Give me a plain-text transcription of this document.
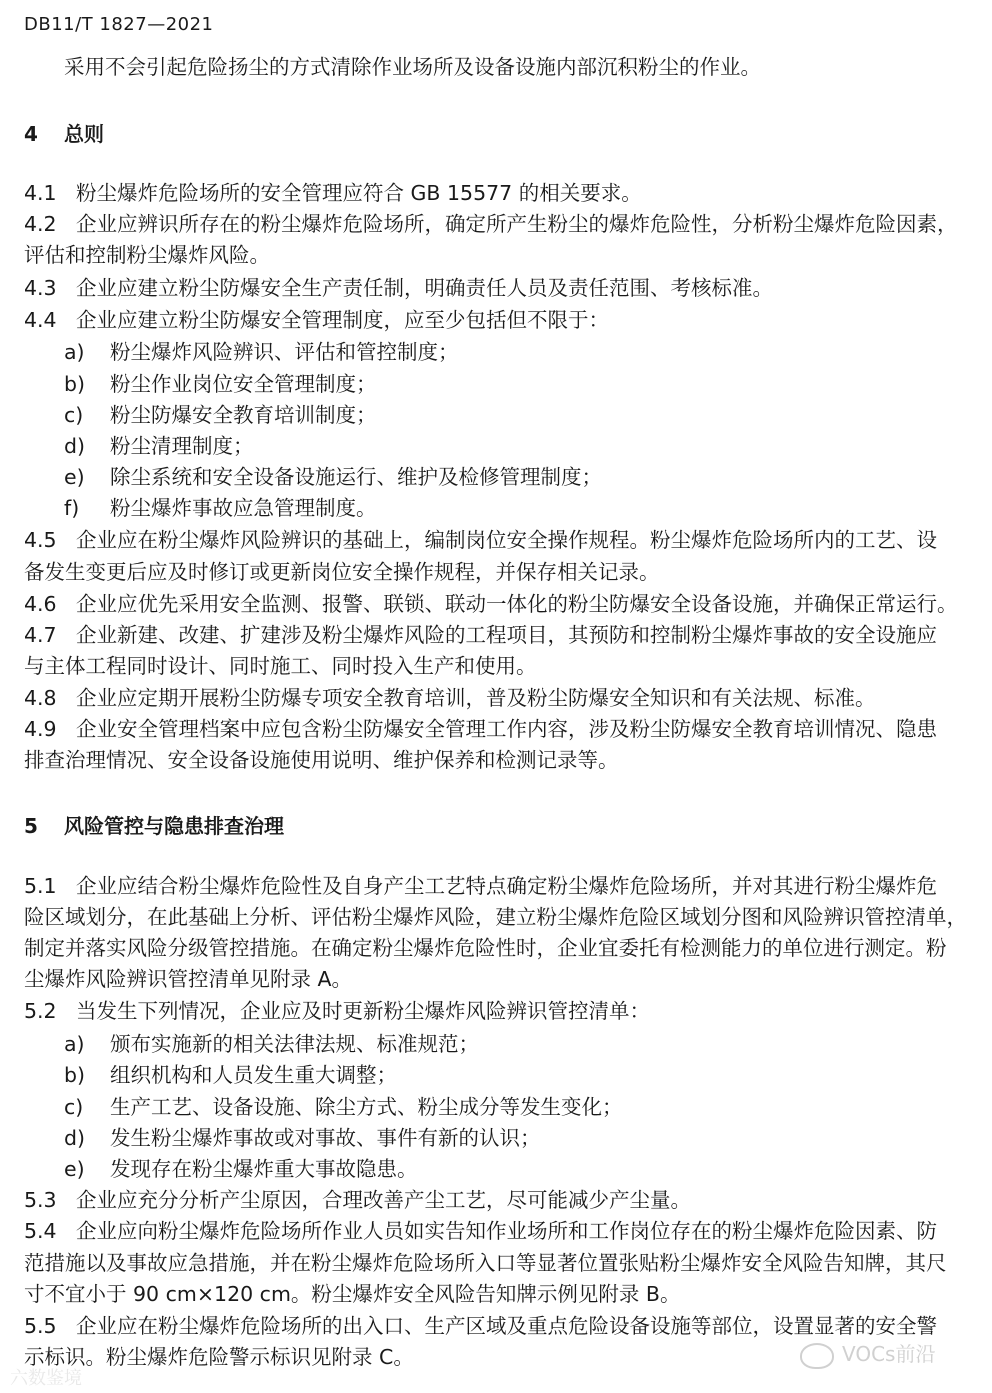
DB11/T 1827—2021
采用不会引起危险扬尘的方式清除作业场所及设备设施内部沉积粉尘的作业。
4 总则
4.1 粉尘爆炸危险场所的安全管理应符合 GB 15577 的相关要求。
4.2 企业应辨识所存在的粉尘爆炸危险场所，确定所产生粉尘的爆炸危险性，分析粉尘爆炸危险因素，
评估和控制粉尘爆炸风险。
4.3 企业应建立粉尘防爆安全生产责任制，明确责任人员及责任范围、考核标准。
4.4 企业应建立粉尘防爆安全管理制度，应至少包括但不限于：
a) 粉尘爆炸风险辨识、评估和管控制度；
b) 粉尘作业岗位安全管理制度；
c) 粉尘防爆安全教育培训制度；
d) 粉尘清理制度；
e) 除尘系统和安全设备设施运行、维护及检修管理制度；
f) 粉尘爆炸事故应急管理制度。
4.5 企业应在粉尘爆炸风险辨识的基础上，编制岗位安全操作规程。粉尘爆炸危险场所内的工艺、设
备发生变更后应及时修订或更新岗位安全操作规程，并保存相关记录。
4.6 企业应优先采用安全监测、报警、联锁、联动一体化的粉尘防爆安全设备设施，并确保正常运行。
4.7 企业新建、改建、扩建涉及粉尘爆炸风险的工程项目，其预防和控制粉尘爆炸事故的安全设施应
与主体工程同时设计、同时施工、同时投入生产和使用。
4.8 企业应定期开展粉尘防爆专项安全教育培训，普及粉尘防爆安全知识和有关法规、标准。
4.9 企业安全管理档案中应包含粉尘防爆安全管理工作内容，涉及粉尘防爆安全教育培训情况、隐患
排查治理情况、安全设备设施使用说明、维护保养和检测记录等。
5 风险管控与隐患排查治理
5.1 企业应结合粉尘爆炸危险性及自身产尘工艺特点确定粉尘爆炸危险场所，并对其进行粉尘爆炸危
险区域划分，在此基础上分析、评估粉尘爆炸风险，建立粉尘爆炸危险区域划分图和风险辨识管控清单，
制定并落实风险分级管控措施。在确定粉尘爆炸危险性时，企业宜委托有检测能力的单位进行测定。粉
尘爆炸风险辨识管控清单见附录 A。
5.2 当发生下列情况，企业应及时更新粉尘爆炸风险辨识管控清单：
a) 颁布实施新的相关法律法规、标准规范；
b) 组织机构和人员发生重大调整；
c) 生产工艺、设备设施、除尘方式、粉尘成分等发生变化；
d) 发生粉尘爆炸事故或对事故、事件有新的认识；
e) 发现存在粉尘爆炸重大事故隐患。
5.3 企业应充分分析产尘原因，合理改善产尘工艺，尽可能减少产尘量。
5.4 企业应向粉尘爆炸危险场所作业人员如实告知作业场所和工作岗位存在的粉尘爆炸危险因素、防
范措施以及事故应急措施，并在粉尘爆炸危险场所入口等显著位置张贴粉尘爆炸安全风险告知牌，其尺
寸不宜小于 90 cm×120 cm。粉尘爆炸安全风险告知牌示例见附录 B。
5.5 企业应在粉尘爆炸危险场所的出入口、生产区域及重点危险设备设施等部位，设置显著的安全警
示标识。粉尘爆炸危险警示标识见附录 C。
六数鉴境
VOCs前沿
